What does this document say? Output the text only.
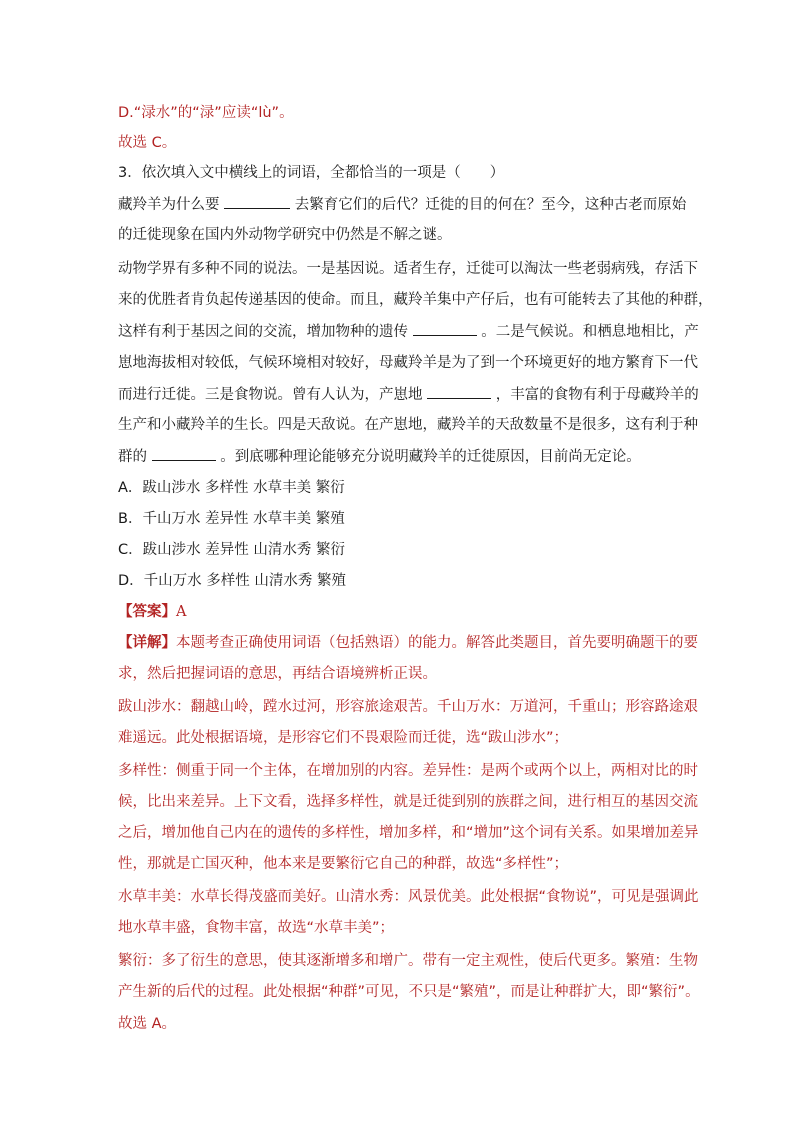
D.“渌水”的“渌”应读“lù”。
故选 C。
3．依次填入文中横线上的词语，全都恰当的一项是（　　）
藏羚羊为什么要	去繁育它们的后代？迁徙的目的何在？至今，这种古老而原始
的迁徙现象在国内外动物学研究中仍然是不解之谜。
动物学界有多种不同的说法。一是基因说。适者生存，迁徙可以淘汰一些老弱病残，存活下
来的优胜者肯负起传递基因的使命。而且，藏羚羊集中产仔后，也有可能转去了其他的种群，
这样有利于基因之间的交流，增加物种的遗传	。二是气候说。和栖息地相比，产
崽地海拔相对较低，气候环境相对较好，母藏羚羊是为了到一个环境更好的地方繁育下一代
而进行迁徙。三是食物说。曾有人认为，产崽地	，丰富的食物有利于母藏羚羊的
生产和小藏羚羊的生长。四是天敌说。在产崽地，藏羚羊的天敌数量不是很多，这有利于种
群的	。到底哪种理论能够充分说明藏羚羊的迁徙原因，目前尚无定论。
A．跋山涉水 多样性 水草丰美 繁衍
B．千山万水 差异性 水草丰美 繁殖
C．跋山涉水 差异性 山清水秀 繁衍
D．千山万水 多样性 山清水秀 繁殖
【答案】A
【详解】本题考查正确使用词语（包括熟语）的能力。解答此类题目，首先要明确题干的要
求，然后把握词语的意思，再结合语境辨析正误。
跋山涉水：翻越山岭，蹚水过河，形容旅途艰苦。千山万水：万道河，千重山；形容路途艰
难遥远。此处根据语境，是形容它们不畏艰险而迁徙，选“跋山涉水”；
多样性：侧重于同一个主体，在增加别的内容。差异性：是两个或两个以上，两相对比的时
候，比出来差异。上下文看，选择多样性，就是迁徙到别的族群之间，进行相互的基因交流
之后，增加他自己内在的遗传的多样性，增加多样，和“增加”这个词有关系。如果增加差异
性，那就是亡国灭种，他本来是要繁衍它自己的种群，故选“多样性”；
水草丰美：水草长得茂盛而美好。山清水秀：风景优美。此处根据“食物说”，可见是强调此
地水草丰盛，食物丰富，故选“水草丰美”；
繁衍：多了衍生的意思，使其逐渐增多和增广。带有一定主观性，使后代更多。繁殖：生物
产生新的后代的过程。此处根据“种群”可见，不只是“繁殖”，而是让种群扩大，即“繁衍”。
故选 A。
